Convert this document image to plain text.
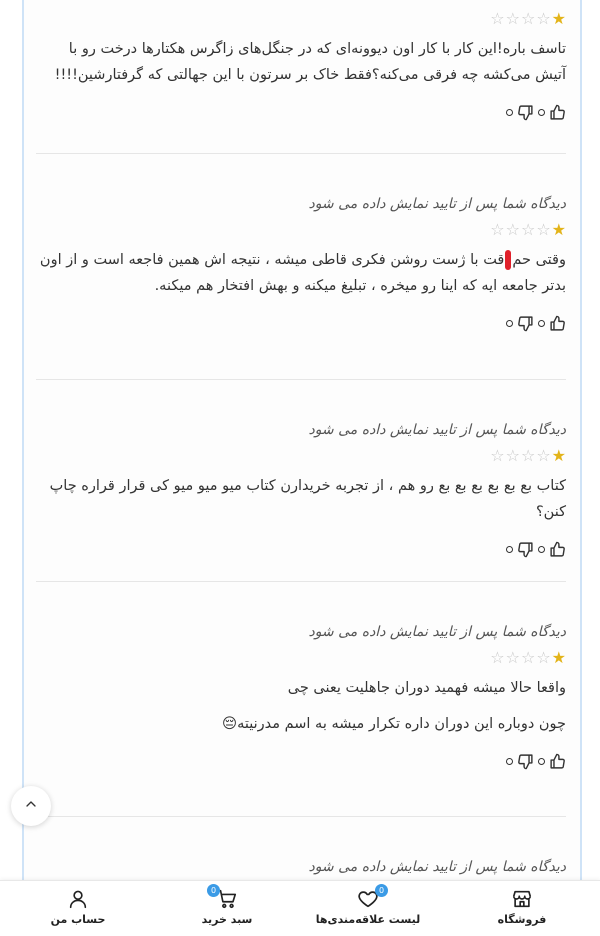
★
☆
☆
☆
☆

تاسف باره!این کار با کار اون دیوونه‌ای که در جنگل‌های زاگرس هکتارها درخت رو با آتیش می‌کشه چه فرقی می‌کنه؟فقط خاک بر سرتون با این جهالتی که گرفتارشین!!!!

دیدگاه شما پس از تایید نمایش داده می شود
★
☆
☆
☆
☆

وقتی حمقت با ژست روشن فکری قاطی میشه ، نتیجه اش همین فاجعه است و از اون بدتر جامعه ایه که اینا رو میخره ، تبلیغ میکنه و بهش افتخار هم میکنه.

دیدگاه شما پس از تایید نمایش داده می شود
★
☆
☆
☆
☆

کتاب بع بع بع بع بع بع رو هم ، از تجربه خریدارن کتاب میو میو میو کی قرار قراره چاپ کنن؟

دیدگاه شما پس از تایید نمایش داده می شود
★
☆
☆
☆
☆

واقعا حالا میشه فهمید دوران جاهلیت یعنی چی

چون دوباره این دوران داره تکرار میشه به اسم مدرنیته😔

دیدگاه شما پس از تایید نمایش داده می شود
فروشگاه
0
لیست علاقه‌مندی‌ها
0
سبد خرید
حساب من
